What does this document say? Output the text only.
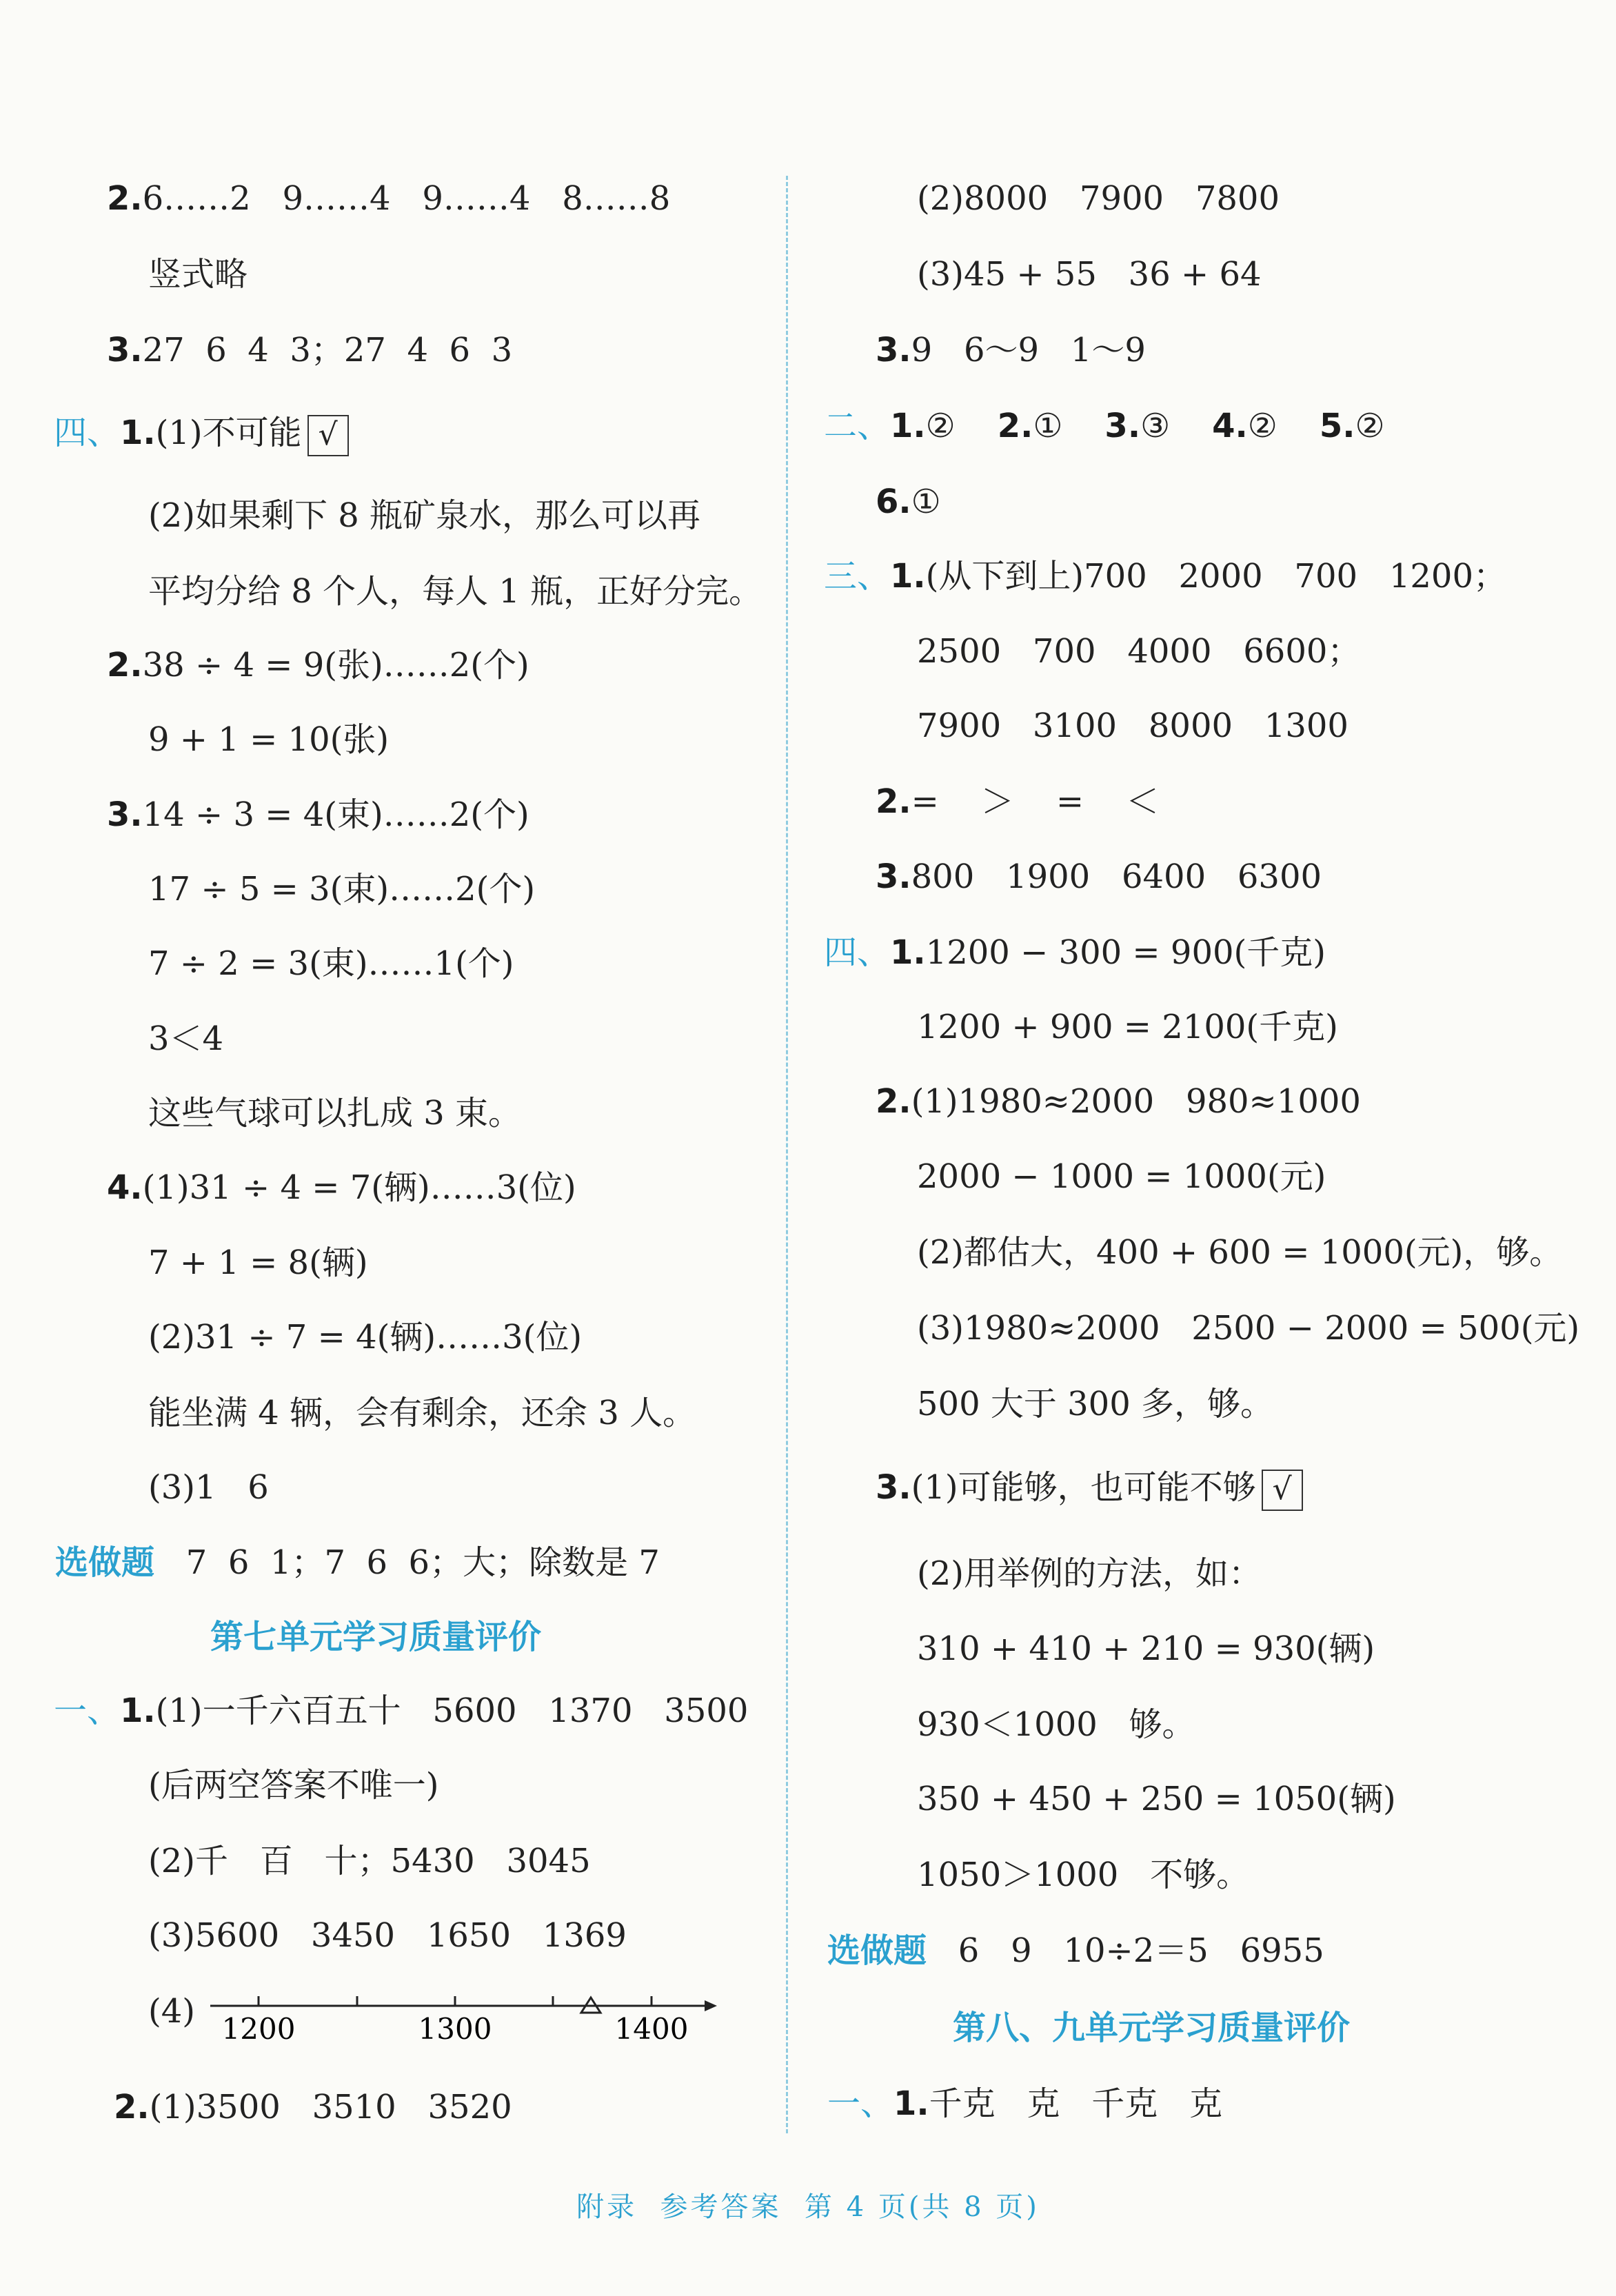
2.6……2   9……4   9……4   8……8
竖式略
3.27  6  4  3；27  4  6  3
四、1.(1)不可能 √
(2)如果剩下 8 瓶矿泉水，那么可以再
平均分给 8 个人，每人 1 瓶，正好分完。
2.38 ÷ 4 = 9(张)……2(个)
9 + 1 = 10(张)
3.14 ÷ 3 = 4(束)……2(个)
17 ÷ 5 = 3(束)……2(个)
7 ÷ 2 = 3(束)……1(个)
3＜4
这些气球可以扎成 3 束。
4.(1)31 ÷ 4 = 7(辆)……3(位)
7 + 1 = 8(辆)
(2)31 ÷ 7 = 4(辆)……3(位)
能坐满 4 辆，会有剩余，还余 3 人。
(3)1   6
选做题 7  6  1；7  6  6；大；除数是 7
第七单元学习质量评价
一、1.(1)一千六百五十   5600   1370   3500
(后两空答案不唯一)
(2)千   百   十；5430   3045
(3)5600   3450   1650   1369
(4) 1200	1300	1400
2.(1)3500   3510   3520
(2)8000   7900   7800
(3)45 + 55   36 + 64
3.9   6～9   1～9
二、1.② 2.① 3.③ 4.② 5.②
6.①
三、1.(从下到上)700   2000   700   1200；
2500   700   4000   6600；
7900   3100   8000   1300
2.=    ＞    =    ＜
3.800   1900   6400   6300
四、1.1200 − 300 = 900(千克)
1200 + 900 = 2100(千克)
2.(1)1980≈2000   980≈1000
2000 − 1000 = 1000(元)
(2)都估大，400 + 600 = 1000(元)，够。
(3)1980≈2000   2500 − 2000 = 500(元)
500 大于 300 多，够。
3.(1)可能够，也可能不够 √
(2)用举例的方法，如：
310 + 410 + 210 = 930(辆)
930＜1000   够。
350 + 450 + 250 = 1050(辆)
1050＞1000   不够。
选做题 6   9   10÷2＝5   6955
第八、九单元学习质量评价
一、1.千克   克   千克   克
附录  参考答案  第 4 页(共 8 页)
